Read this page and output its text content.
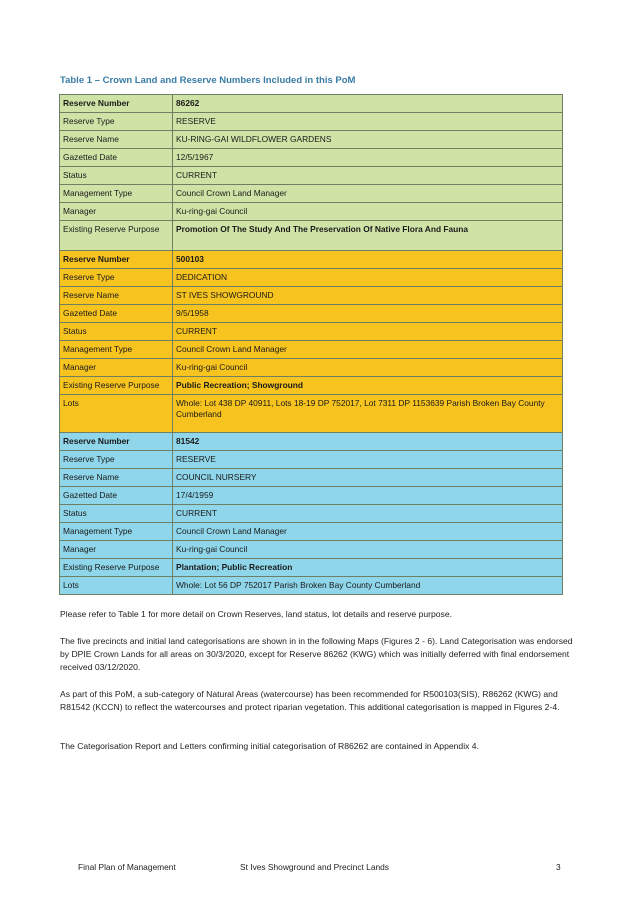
Table 1 – Crown Land and Reserve Numbers Included in this PoM
Reserve Number	86262
Reserve Type	RESERVE
Reserve Name	KU-RING-GAI WILDFLOWER GARDENS
Gazetted Date	12/5/1967
Status	CURRENT
Management Type	Council Crown Land Manager
Manager	Ku-ring-gai Council
Existing Reserve Purpose	Promotion Of The Study And The Preservation Of Native Flora And Fauna
Reserve Number	500103
Reserve Type	DEDICATION
Reserve Name	ST IVES SHOWGROUND
Gazetted Date	9/5/1958
Status	CURRENT
Management Type	Council Crown Land Manager
Manager	Ku-ring-gai Council
Existing Reserve Purpose	Public Recreation; Showground
Lots	Whole: Lot 438 DP 40911, Lots 18-19 DP 752017, Lot 7311 DP 1153639 Parish Broken Bay County Cumberland
Reserve Number	81542
Reserve Type	RESERVE
Reserve Name	COUNCIL NURSERY
Gazetted Date	17/4/1959
Status	CURRENT
Management Type	Council Crown Land Manager
Manager	Ku-ring-gai Council
Existing Reserve Purpose	Plantation; Public Recreation
Lots	Whole: Lot 56 DP 752017 Parish Broken Bay County Cumberland

Please refer to Table 1 for more detail on Crown Reserves, land status, lot details and reserve purpose.

The five precincts and initial land categorisations are shown in in the following Maps (Figures 2 - 6). Land Categorisation was endorsed by DPIE Crown Lands for all areas on 30/3/2020, except for Reserve 86262 (KWG) which was initially deferred with final endorsement received 03/12/2020.

As part of this PoM, a sub-category of Natural Areas (watercourse) has been recommended for R500103(SIS), R86262 (KWG) and R81542 (KCCN) to reflect the watercourses and protect riparian vegetation. This additional categorisation is mapped in Figures 2-4.

The Categorisation Report and Letters confirming initial categorisation of R86262 are contained in Appendix 4.

Final Plan of Management	St Ives Showground and Precinct Lands	3
